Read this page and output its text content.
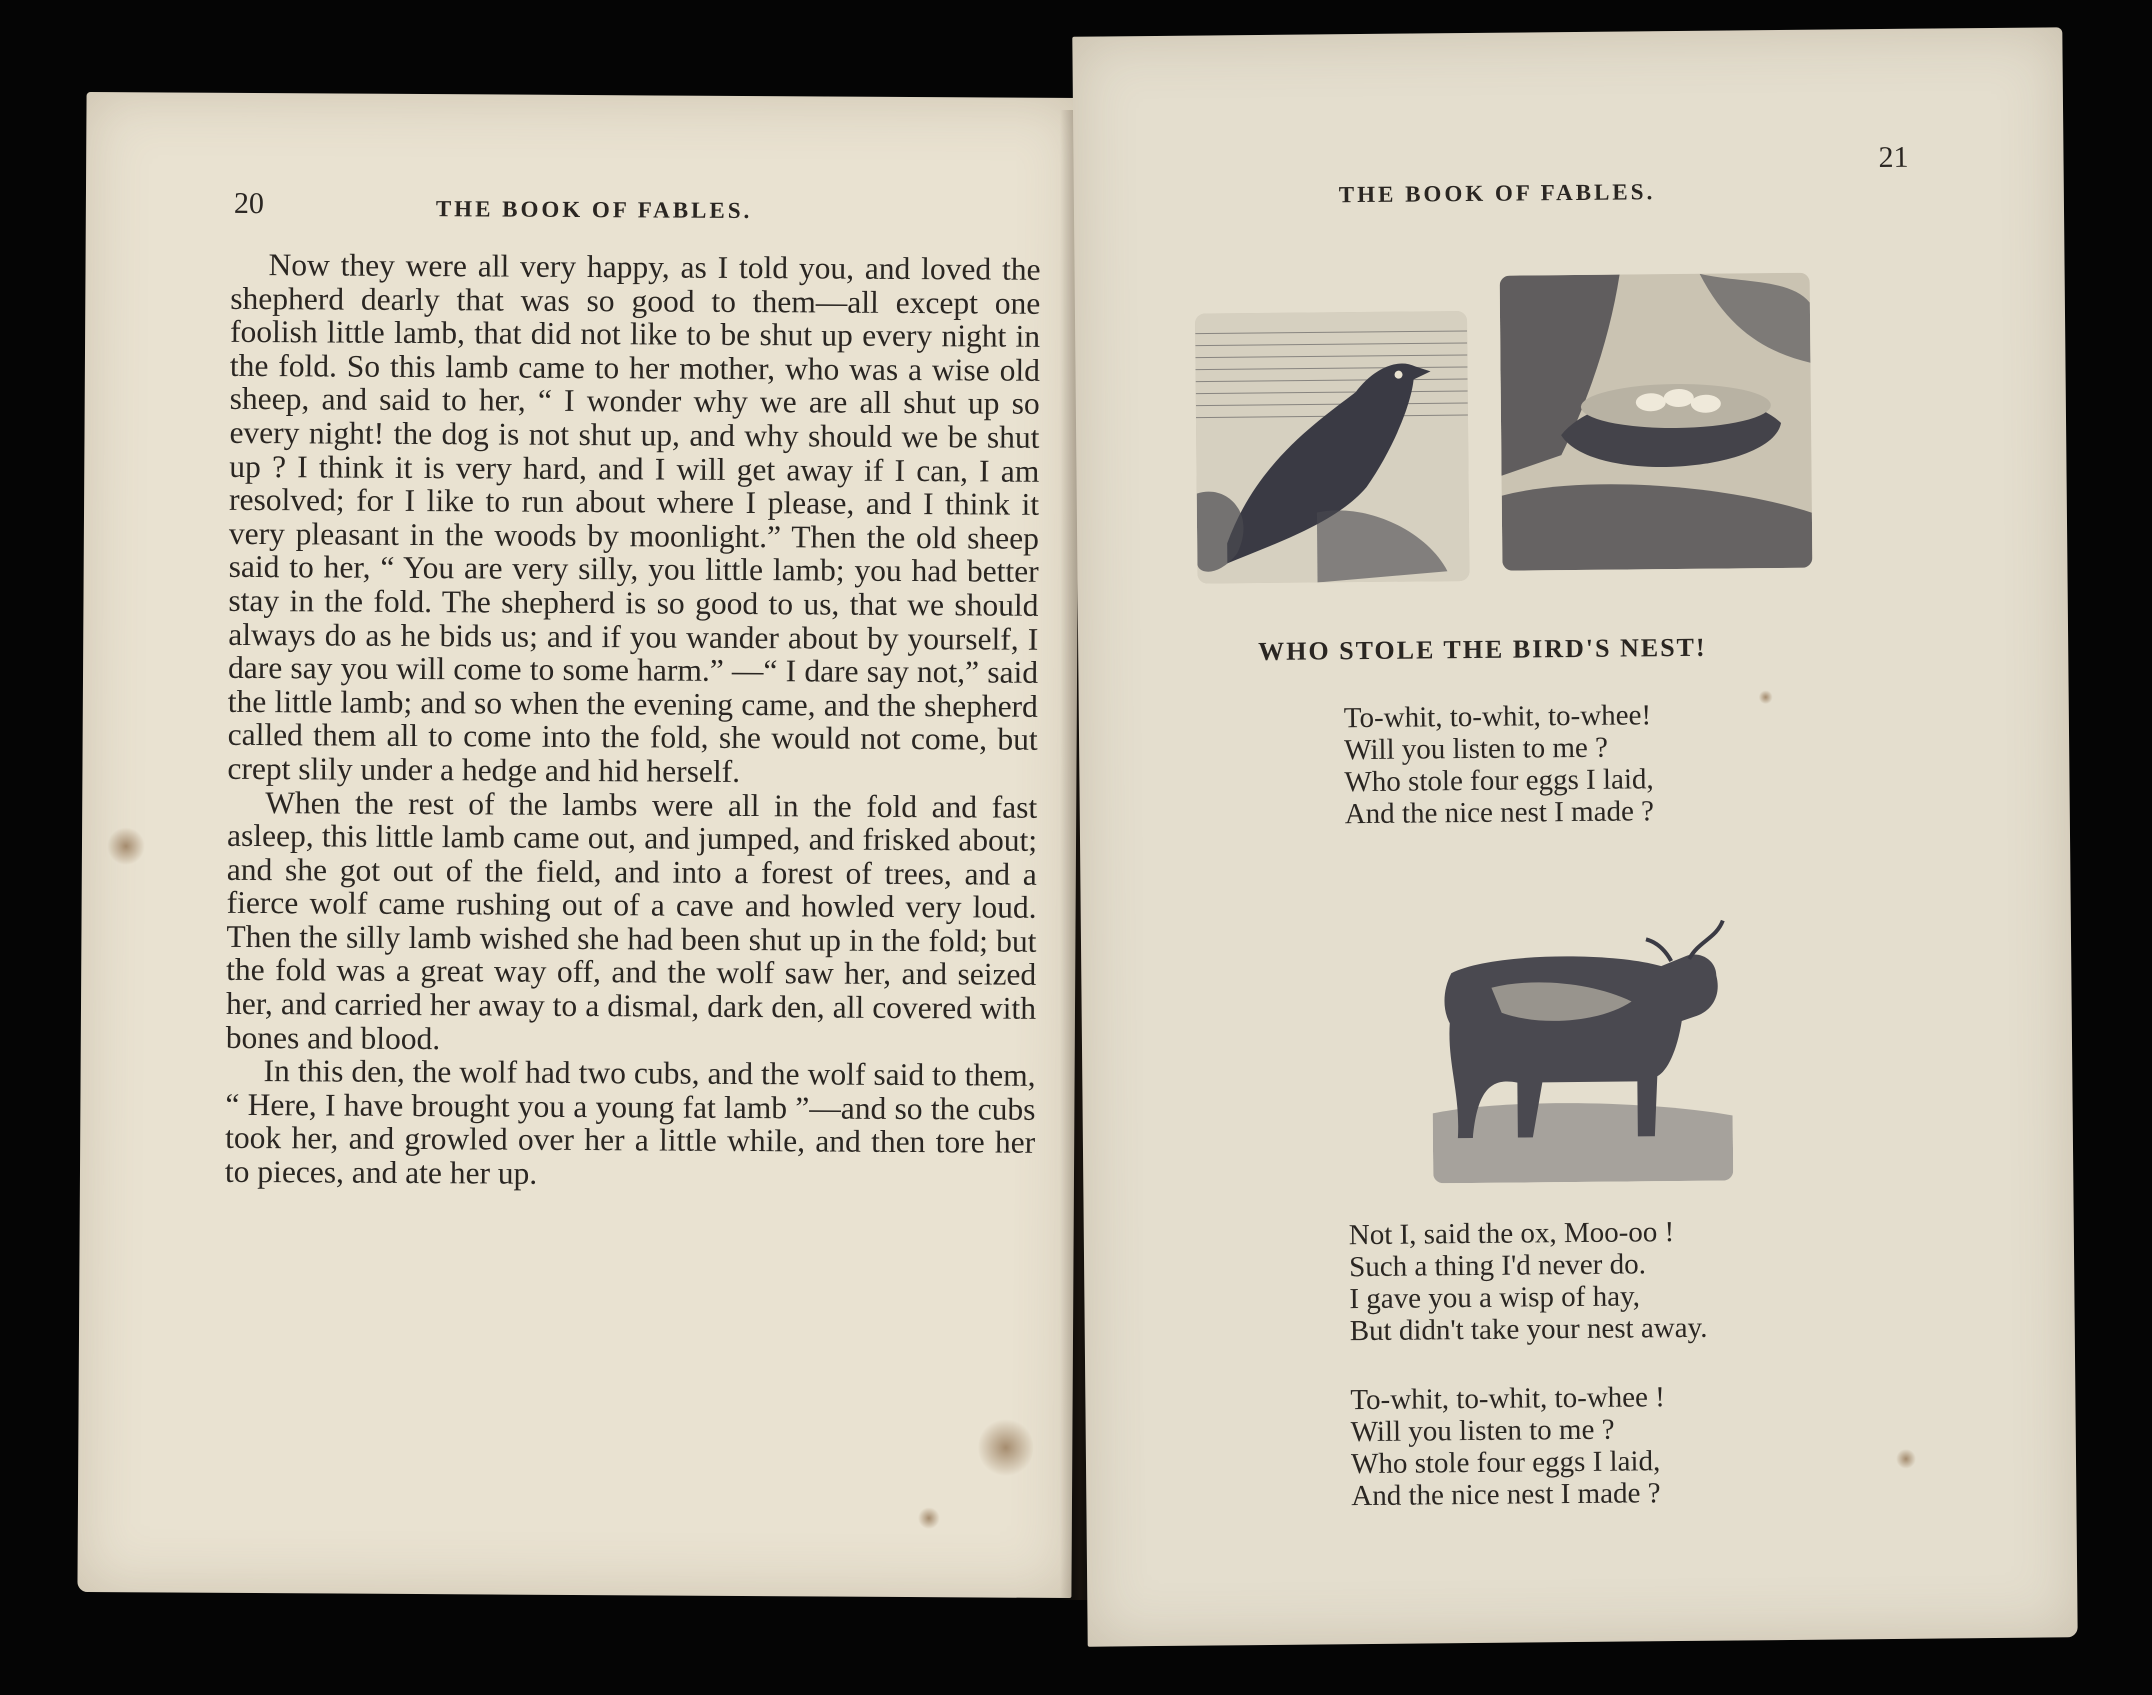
20	THE BOOK OF FABLES.

Now they were all very happy, as I told you, and loved the shepherd dearly that was so good to them—all except one foolish little lamb, that did not like to be shut up every night in the fold. So this lamb came to her mother, who was a wise old sheep, and said to her, “ I wonder why we are all shut up so every night! the dog is not shut up, and why should we be shut up ? I think it is very hard, and I will get away if I can, I am resolved; for I like to run about where I please, and I think it very pleasant in the woods by moonlight.” Then the old sheep said to her, “ You are very silly, you little lamb; you had better stay in the fold. The shepherd is so good to us, that we should always do as he bids us; and if you wander about by yourself, I dare say you will come to some harm.” —“ I dare say not,” said the little lamb; and so when the evening came, and the shepherd called them all to come into the fold, she would not come, but crept slily under a hedge and hid herself.

When the rest of the lambs were all in the fold and fast asleep, this little lamb came out, and jumped, and frisked about; and she got out of the field, and into a forest of trees, and a fierce wolf came rushing out of a cave and howled very loud. Then the silly lamb wished she had been shut up in the fold; but the fold was a great way off, and the wolf saw her, and seized her, and carried her away to a dismal, dark den, all covered with bones and blood.

In this den, the wolf had two cubs, and the wolf said to them, “ Here, I have brought you a young fat lamb ”—and so the cubs took her, and growled over her a little while, and then tore her to pieces, and ate her up.

21
THE BOOK OF FABLES.
WHO STOLE THE BIRD'S NEST!
To-whit, to-whit, to-whee!
Will you listen to me ?
Who stole four eggs I laid,
And the nice nest I made ?
Not I, said the ox, Moo-oo !
Such a thing I'd never do.
I gave you a wisp of hay,
But didn't take your nest away.
To-whit, to-whit, to-whee !
Will you listen to me ?
Who stole four eggs I laid,
And the nice nest I made ?
